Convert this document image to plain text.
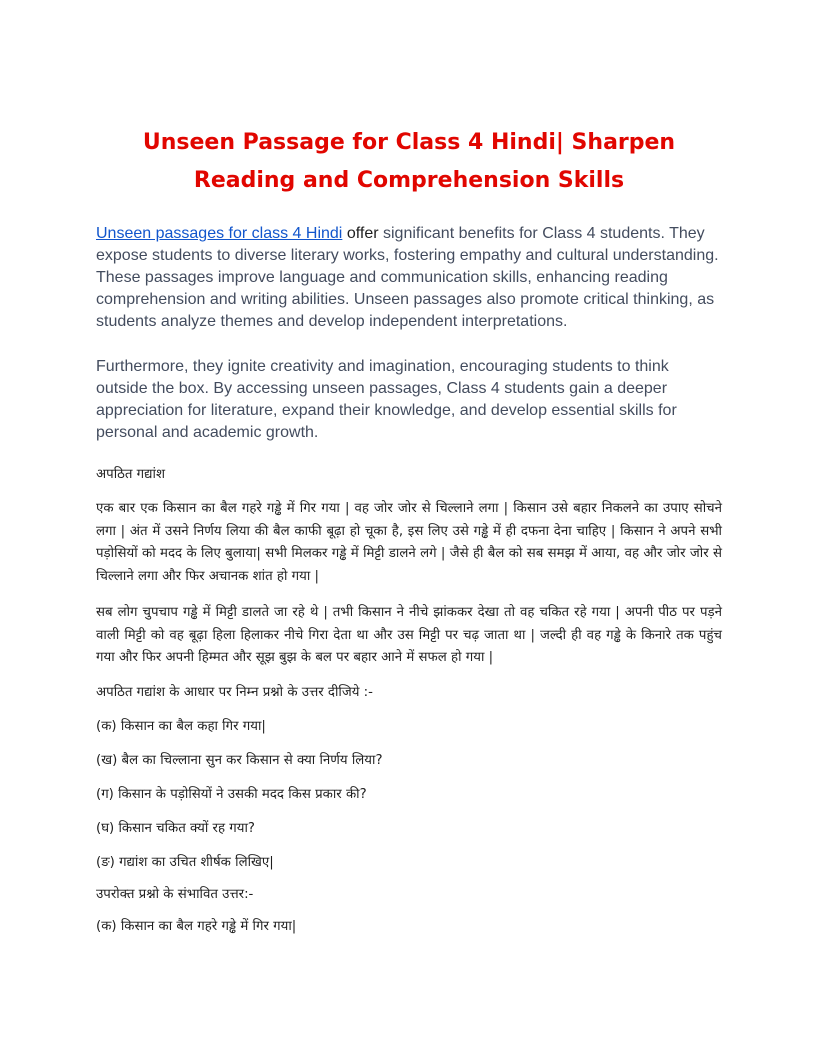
Unseen Passage for Class 4 Hindi| Sharpen Reading and Comprehension Skills

Unseen passages for class 4 Hindi offer significant benefits for Class 4 students. They expose students to diverse literary works, fostering empathy and cultural understanding. These passages improve language and communication skills, enhancing reading comprehension and writing abilities. Unseen passages also promote critical thinking, as students analyze themes and develop independent interpretations.

Furthermore, they ignite creativity and imagination, encouraging students to think outside the box. By accessing unseen passages, Class 4 students gain a deeper appreciation for literature, expand their knowledge, and develop essential skills for personal and academic growth.

अपठित गद्यांश

एक बार एक किसान का बैल गहरे गड्ढे में गिर गया | वह जोर जोर से चिल्लाने लगा | किसान उसे बहार निकलने का उपाए सोचने लगा | अंत में उसने निर्णय लिया की बैल काफी बूढ़ा हो चूका है, इस लिए उसे गड्ढे में ही दफना देना चाहिए | किसान ने अपने सभी पड़ोसियों को मदद के लिए बुलाया| सभी मिलकर गड्ढे में मिट्टी डालने लगे | जैसे ही बैल को सब समझ में आया, वह और जोर जोर से चिल्लाने लगा और फिर अचानक शांत हो गया |

सब लोग चुपचाप गड्ढे में मिट्टी डालते जा रहे थे | तभी किसान ने नीचे झांककर देखा तो वह चकित रहे गया | अपनी पीठ पर पड़ने वाली मिट्टी को वह बूढ़ा हिला हिलाकर नीचे गिरा देता था और उस मिट्टी पर चढ़ जाता था | जल्दी ही वह गड्ढे के किनारे तक पहुंच गया और फिर अपनी हिम्मत और सूझ बुझ के बल पर बहार आने में सफल हो गया |

अपठित गद्यांश के आधार पर निम्न प्रश्नो के उत्तर दीजिये :-

(क) किसान का बैल कहा गिर गया|

(ख) बैल का चिल्लाना सुन कर किसान से क्या निर्णय लिया?

(ग) किसान के पड़ोसियों ने उसकी मदद किस प्रकार की?

(घ) किसान चकित क्यों रह गया?

(ङ) गद्यांश का उचित शीर्षक लिखिए|

उपरोक्त प्रश्नो के संभावित उत्तर:-

(क) किसान का बैल गहरे गड्ढे में गिर गया|
